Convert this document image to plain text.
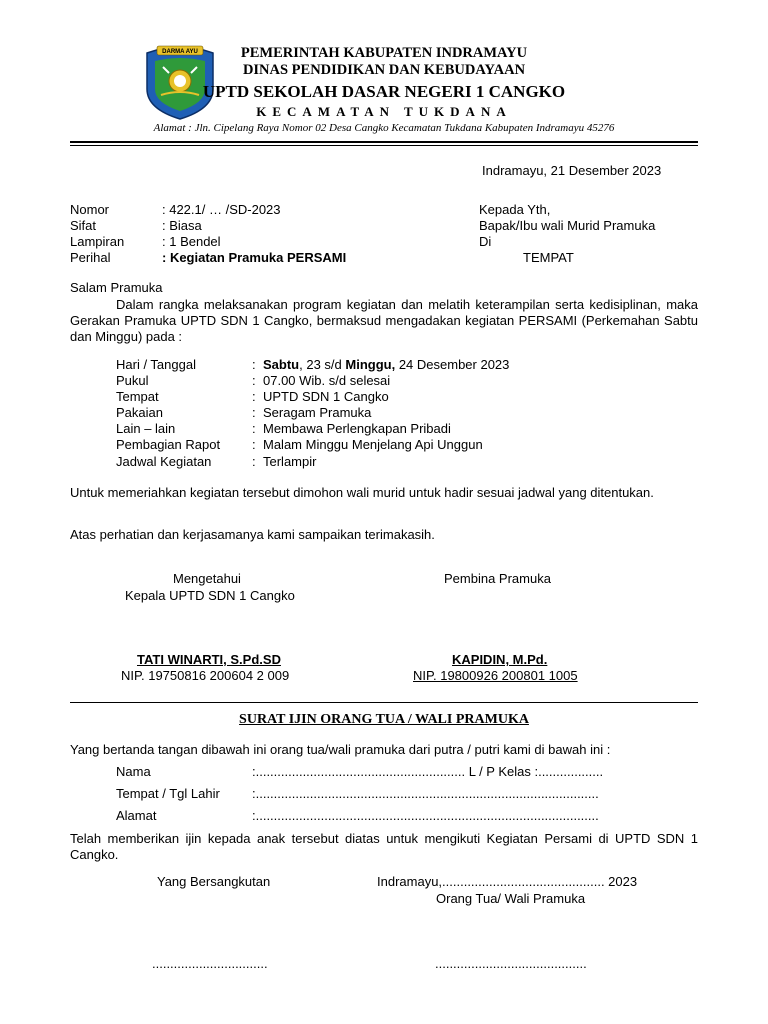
DARMA AYU	PEMERINTAH KABUPATEN INDRAMAYU
DINAS PENDIDIKAN DAN KEBUDAYAAN
UPTD SEKOLAH DASAR NEGERI 1 CANGKO
KECAMATAN TUKDANA
Alamat : Jln. Cipelang Raya Nomor 02 Desa Cangko Kecamatan Tukdana Kabupaten Indramayu 45276
Indramayu, 21 Desember 2023
Nomor	: 422.1/ … /SD-2023
Sifat	: Biasa
Lampiran	: 1 Bendel
Perihal	: Kegiatan Pramuka PERSAMI
Kepada Yth,
Bapak/Ibu wali Murid Pramuka
Di
TEMPAT
Salam Pramuka
Dalam rangka melaksanakan program kegiatan dan melatih keterampilan serta kedisiplinan, maka Gerakan Pramuka UPTD SDN 1 Cangko, bermaksud mengadakan kegiatan PERSAMI (Perkemahan Sabtu dan Minggu) pada :
Hari / Tanggal	: Sabtu, 23 s/d Minggu, 24 Desember 2023
Pukul	: 07.00 Wib. s/d selesai
Tempat	: UPTD SDN 1 Cangko
Pakaian	: Seragam Pramuka
Lain – lain	: Membawa Perlengkapan Pribadi
Pembagian Rapot : Malam Minggu Menjelang Api Unggun
Jadwal Kegiatan	: Terlampir
Untuk memeriahkan kegiatan tersebut dimohon wali murid untuk hadir sesuai jadwal yang ditentukan.
Atas perhatian dan kerjasamanya kami sampaikan terimakasih.
Mengetahui
Kepala UPTD SDN 1 Cangko
Pembina Pramuka
TATI WINARTI, S.Pd.SD
NIP. 19750816 200604 2 009
KAPIDIN, M.Pd.
NIP. 19800926 200801 1005
SURAT IJIN ORANG TUA / WALI PRAMUKA
Yang bertanda tangan dibawah ini orang tua/wali pramuka dari putra / putri kami di bawah ini :
Nama	:.......................................................... L / P Kelas :..................
Tempat / Tgl Lahir :...............................................................................................
Alamat	:...............................................................................................
Telah memberikan ijin kepada anak tersebut diatas untuk mengikuti Kegiatan Persami di UPTD SDN 1 Cangko.
Yang Bersangkutan	Indramayu,............................................. 2023
Orang Tua/ Wali Pramuka
................................	..........................................
